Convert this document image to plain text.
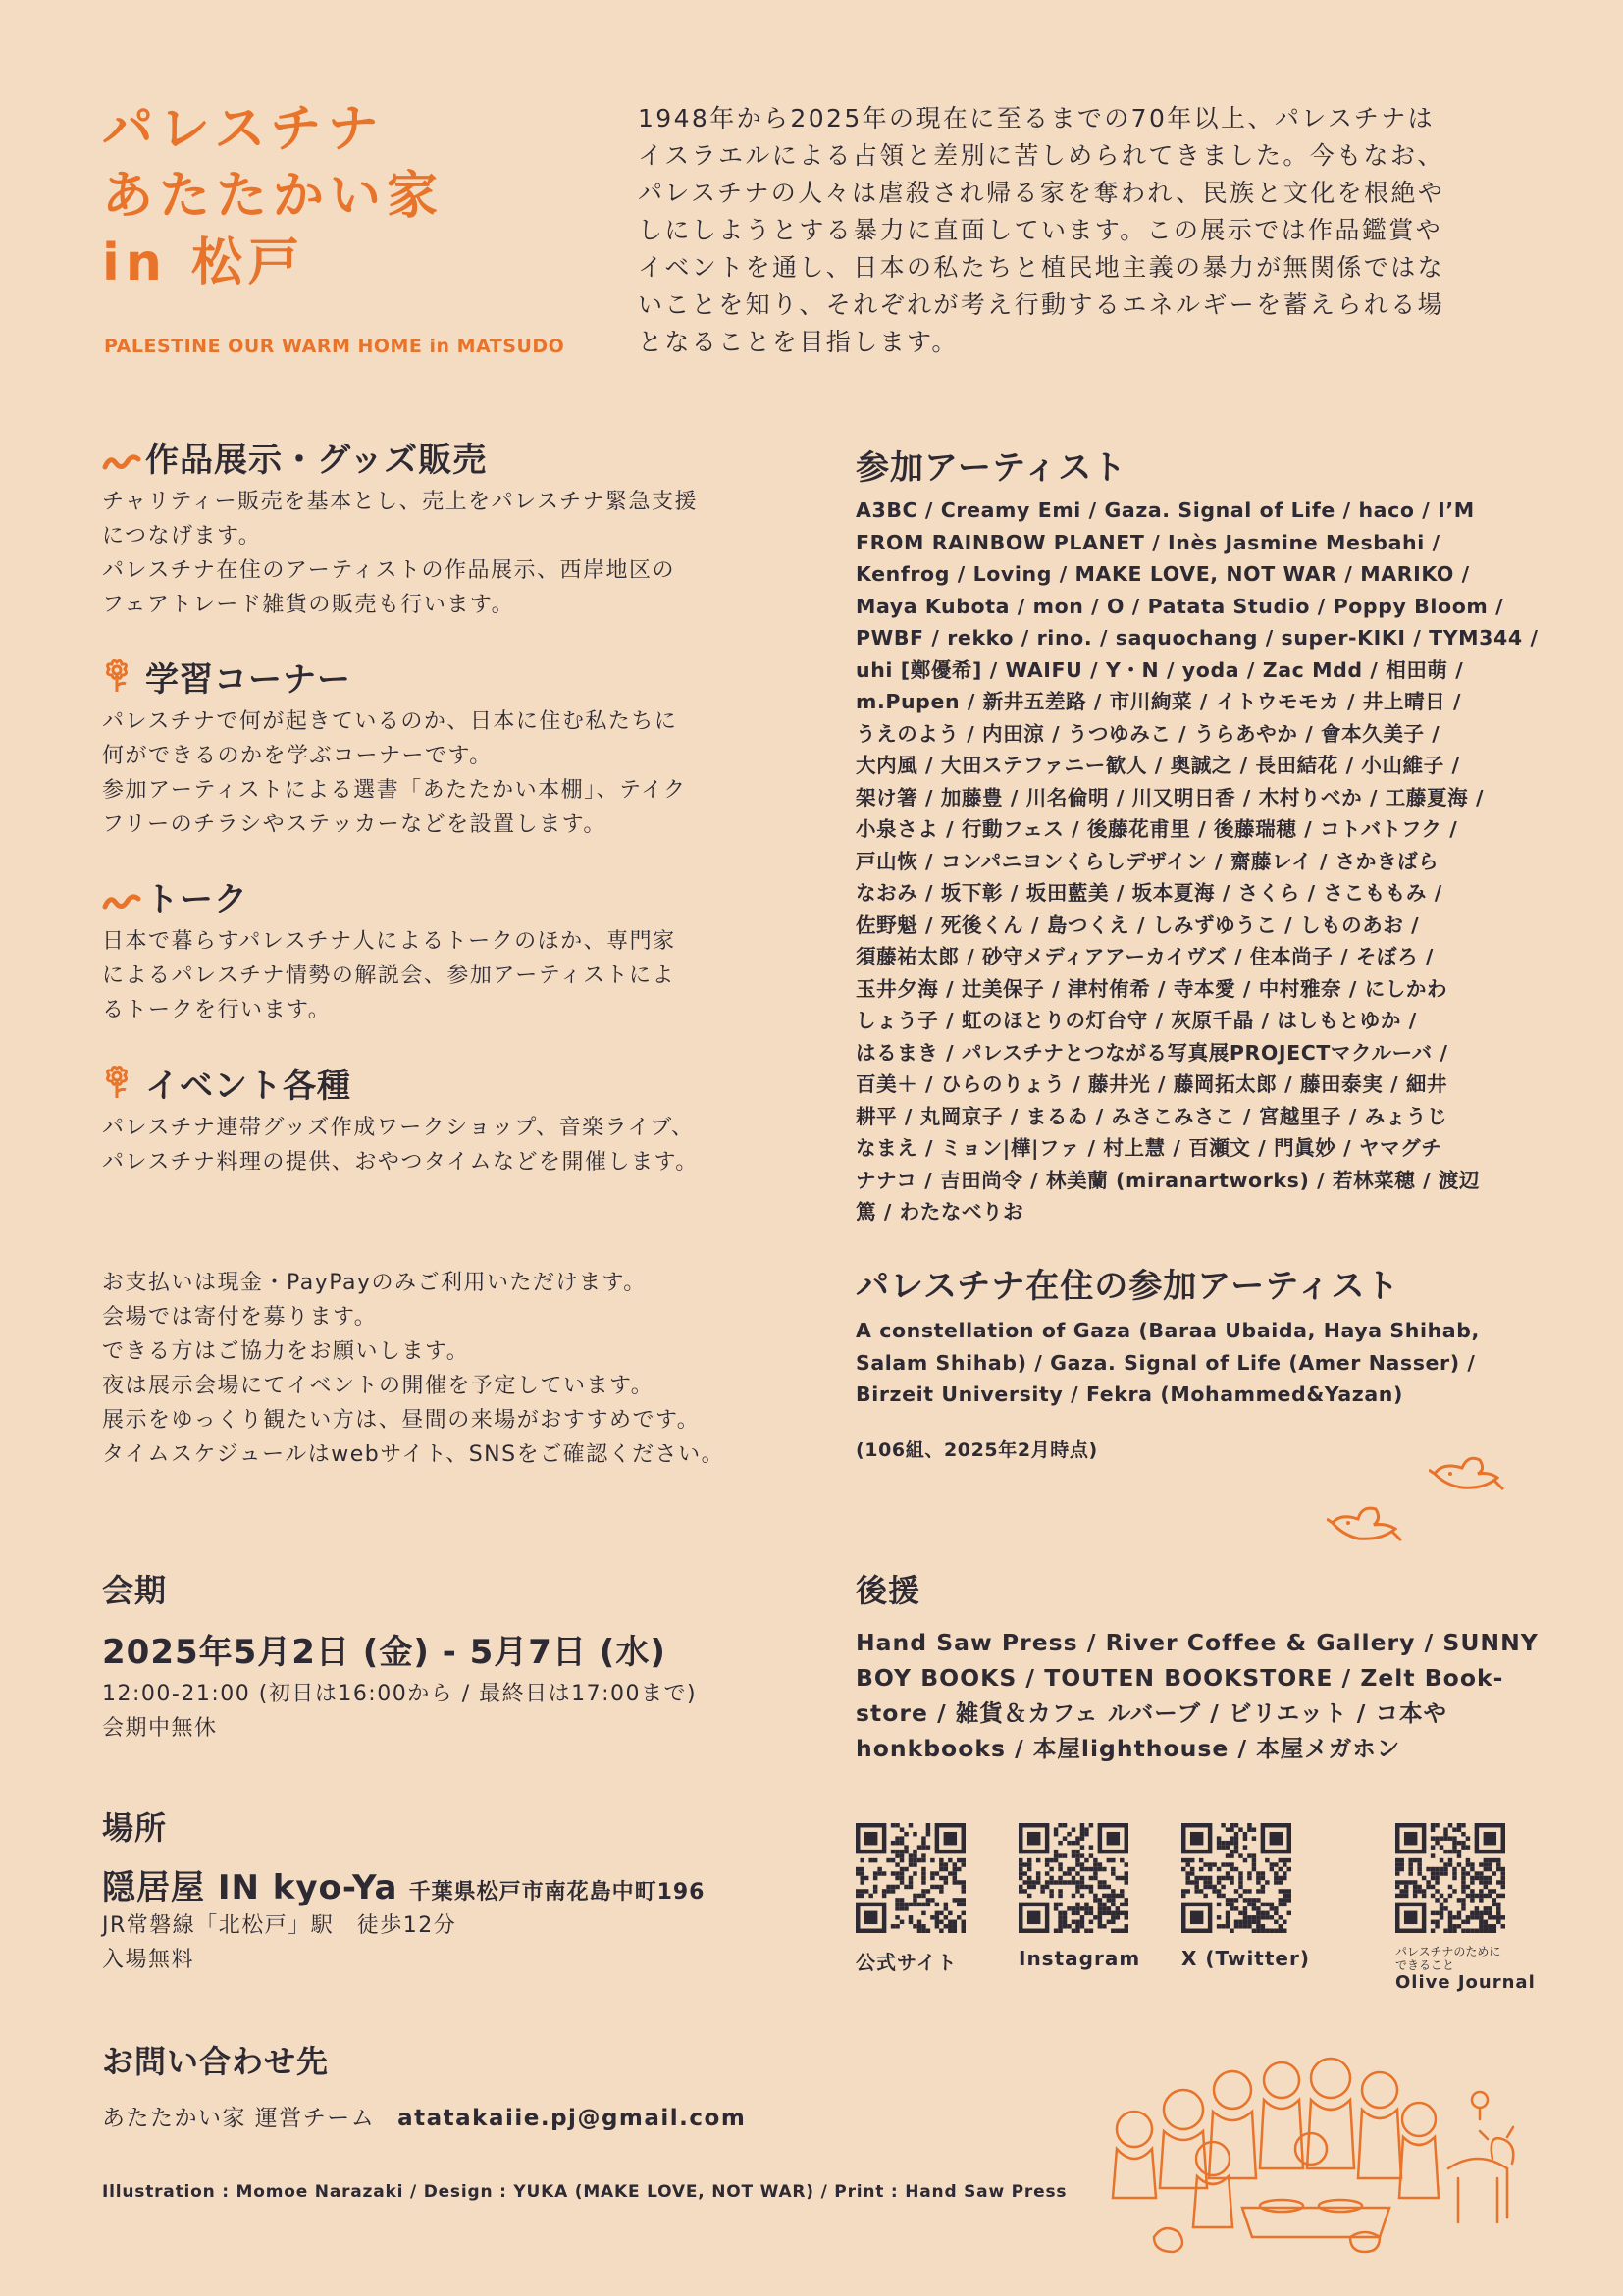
パレスチナ
あたたかい家
in 松戸
PALESTINE OUR WARM HOME in MATSUDO
1948年から2025年の現在に至るまでの70年以上、パレスチナは
イスラエルによる占領と差別に苦しめられてきました。今もなお、
パレスチナの人々は虐殺され帰る家を奪われ、民族と文化を根絶や
しにしようとする暴力に直面しています。この展示では作品鑑賞や
イベントを通し、日本の私たちと植民地主義の暴力が無関係ではな
いことを知り、それぞれが考え行動するエネルギーを蓄えられる場
となることを目指します。
作品展示・グッズ販売
チャリティー販売を基本とし、売上をパレスチナ緊急支援
につなげます。
パレスチナ在住のアーティストの作品展示、西岸地区の
フェアトレード雑貨の販売も行います。
学習コーナー
パレスチナで何が起きているのか、日本に住む私たちに
何ができるのかを学ぶコーナーです。
参加アーティストによる選書「あたたかい本棚」、テイク
フリーのチラシやステッカーなどを設置します。
トーク
日本で暮らすパレスチナ人によるトークのほか、専門家
によるパレスチナ情勢の解説会、参加アーティストによ
るトークを行います。
イベント各種
パレスチナ連帯グッズ作成ワークショップ、音楽ライブ、
パレスチナ料理の提供、おやつタイムなどを開催します。
お支払いは現金・PayPayのみご利用いただけます。
会場では寄付を募ります。
できる方はご協力をお願いします。
夜は展示会場にてイベントの開催を予定しています。
展示をゆっくり観たい方は、昼間の来場がおすすめです。
タイムスケジュールはwebサイト、SNSをご確認ください。
参加アーティスト
A3BC / Creamy Emi / Gaza. Signal of Life / haco / I’M
FROM RAINBOW PLANET / Inès Jasmine Mesbahi /
Kenfrog / Loving / MAKE LOVE, NOT WAR / MARIKO /
Maya Kubota / mon / O / Patata Studio / Poppy Bloom /
PWBF / rekko / rino. / saquochang / super-KIKI / TYM344 /
uhi [鄭優希] / WAIFU / Y・N / yoda / Zac Mdd / 相田萌 /
m.Pupen / 新井五差路 / 市川絢菜 / イトウモモカ / 井上晴日 /
うえのよう / 内田涼 / うつゆみこ / うらあやか / 會本久美子 /
大内風 / 大田ステファニー歓人 / 奥誠之 / 長田結花 / 小山維子 /
架け箸 / 加藤豊 / 川名倫明 / 川又明日香 / 木村りべか / 工藤夏海 /
小泉さよ / 行動フェス / 後藤花甫里 / 後藤瑞穂 / コトバトフク /
戸山恢 / コンパニヨンくらしデザイン / 齋藤レイ / さかきばら
なおみ / 坂下彰 / 坂田藍美 / 坂本夏海 / さくら / さこももみ /
佐野魁 / 死後くん / 島つくえ / しみずゆうこ / しものあお /
須藤祐太郎 / 砂守メディアアーカイヴズ / 住本尚子 / そぼろ /
玉井夕海 / 辻美保子 / 津村侑希 / 寺本愛 / 中村雅奈 / にしかわ
しょう子 / 虹のほとりの灯台守 / 灰原千晶 / はしもとゆか /
はるまき / パレスチナとつながる写真展PROJECTマクルーバ /
百美＋ / ひらのりょう / 藤井光 / 藤岡拓太郎 / 藤田泰実 / 細井
耕平 / 丸岡京子 / まるゐ / みさこみさこ / 宮越里子 / みょうじ
なまえ / ミョン|樺|ファ / 村上慧 / 百瀬文 / 門眞妙 / ヤマグチ
ナナコ / 吉田尚令 / 林美蘭 (miranartworks) / 若林菜穂 / 渡辺
篤 / わたなべりお
パレスチナ在住の参加アーティスト
A constellation of Gaza (Baraa Ubaida, Haya Shihab,
Salam Shihab) / Gaza. Signal of Life (Amer Nasser) /
Birzeit University / Fekra (Mohammed&Yazan)
(106組、2025年2月時点)
会期
2025年5月2日 (金) - 5月7日 (水)
12:00-21:00 (初日は16:00から / 最終日は17:00まで)
会期中無休
場所
隠居屋 IN kyo-Ya 千葉県松戸市南花島中町196
JR常磐線「北松戸」駅　徒歩12分
入場無料
お問い合わせ先
あたたかい家 運営チーム atatakaiie.pj@gmail.com
Illustration : Momoe Narazaki / Design : YUKA (MAKE LOVE, NOT WAR) / Print : Hand Saw Press
後援
Hand Saw Press / River Coffee & Gallery / SUNNY
BOY BOOKS / TOUTEN BOOKSTORE / Zelt Book-
store / 雑貨＆カフェ ルバーブ / ビリエット / コ本や
honkbooks / 本屋lighthouse / 本屋メガホン
公式サイト	Instagram X (Twitter)	パレスチナのために
できること
Olive Journal
